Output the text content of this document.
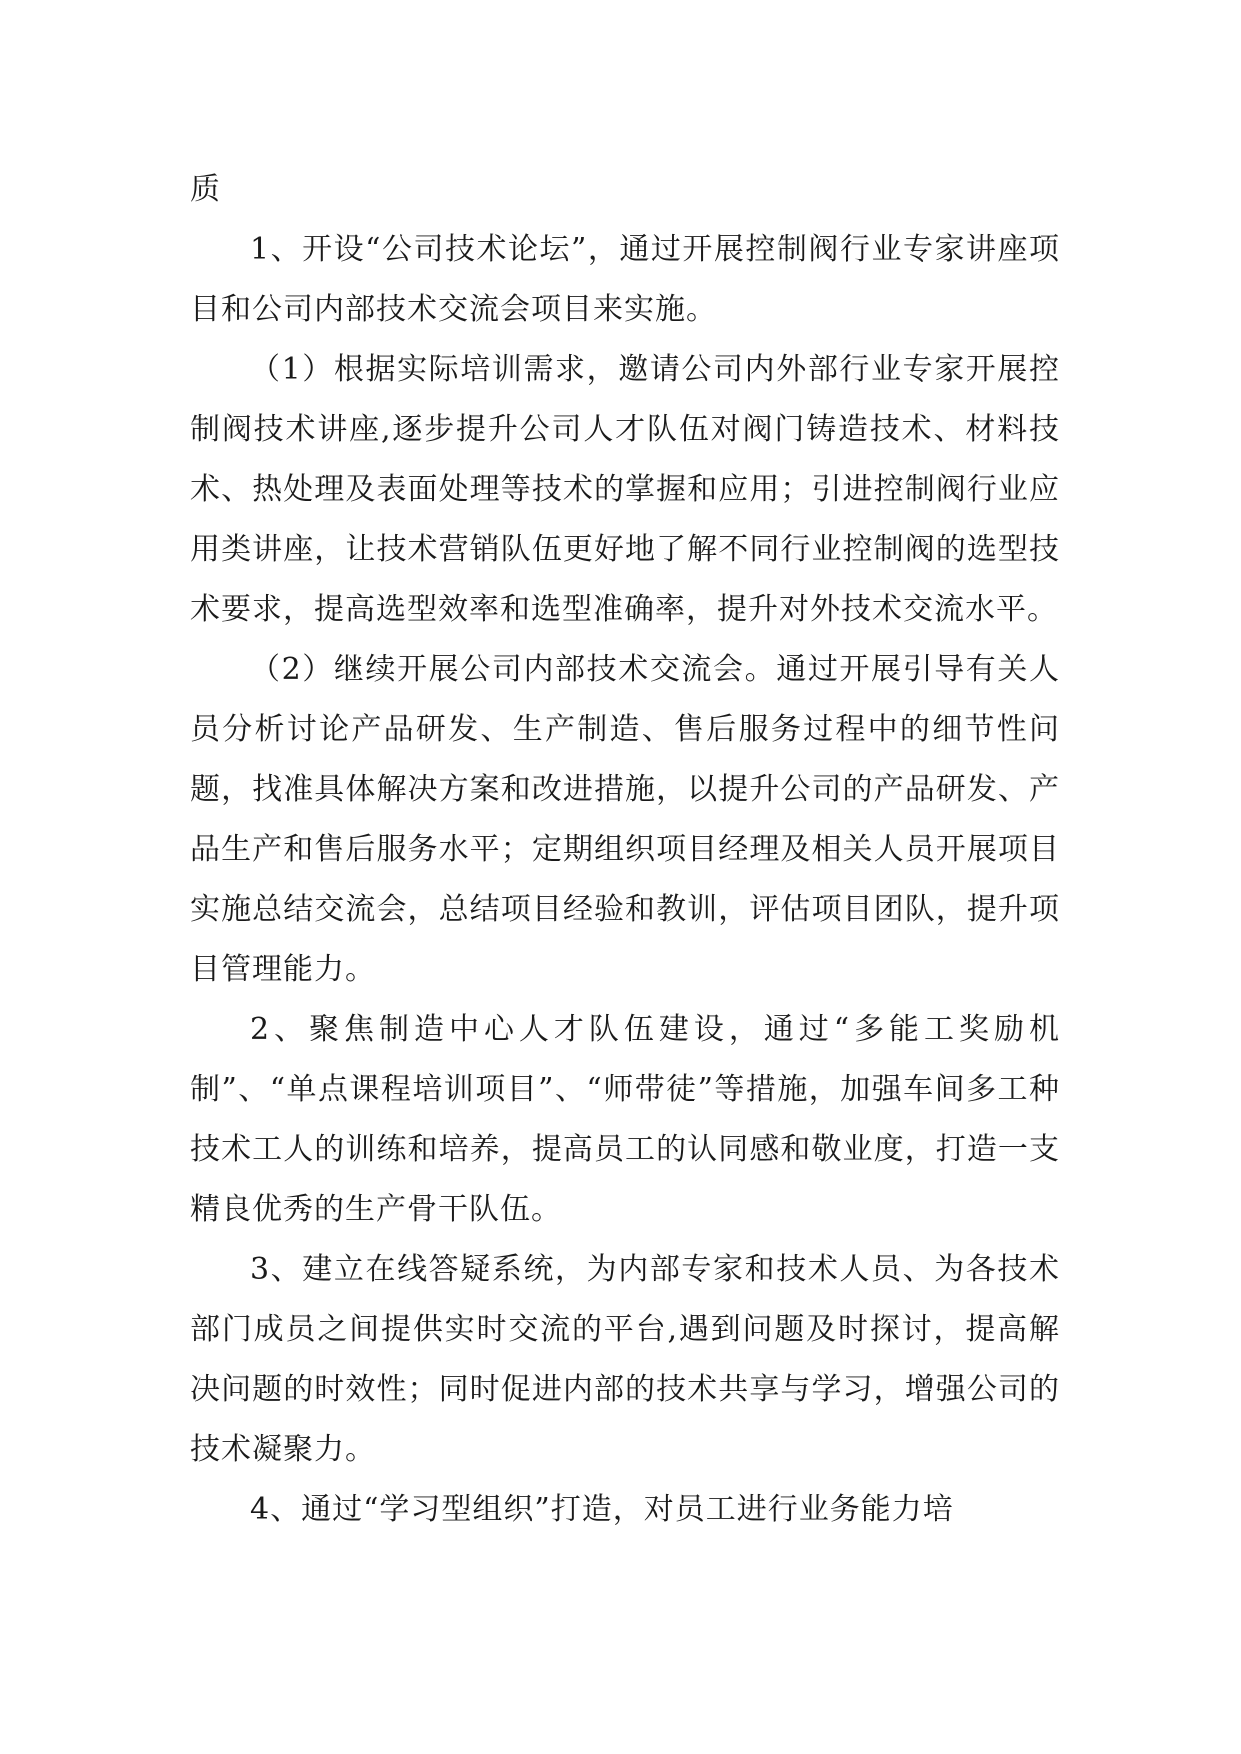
质

1、开设“公司技术论坛”，通过开展控制阀行业专家讲座项目和公司内部技术交流会项目来实施。

（1）根据实际培训需求，邀请公司内外部行业专家开展控制阀技术讲座,逐步提升公司人才队伍对阀门铸造技术、材料技术、热处理及表面处理等技术的掌握和应用；引进控制阀行业应用类讲座，让技术营销队伍更好地了解不同行业控制阀的选型技术要求，提高选型效率和选型准确率，提升对外技术交流水平。

（2）继续开展公司内部技术交流会。通过开展引导有关人员分析讨论产品研发、生产制造、售后服务过程中的细节性问题，找准具体解决方案和改进措施，以提升公司的产品研发、产品生产和售后服务水平；定期组织项目经理及相关人员开展项目实施总结交流会，总结项目经验和教训，评估项目团队，提升项目管理能力。

2、聚焦制造中心人才队伍建设，通过“多能工奖励机制”、“单点课程培训项目”、“师带徒”等措施，加强车间多工种技术工人的训练和培养，提高员工的认同感和敬业度，打造一支精良优秀的生产骨干队伍。

3、建立在线答疑系统，为内部专家和技术人员、为各技术部门成员之间提供实时交流的平台,遇到问题及时探讨，提高解决问题的时效性；同时促进内部的技术共享与学习，增强公司的技术凝聚力。

4、通过“学习型组织”打造，对员工进行业务能力培
